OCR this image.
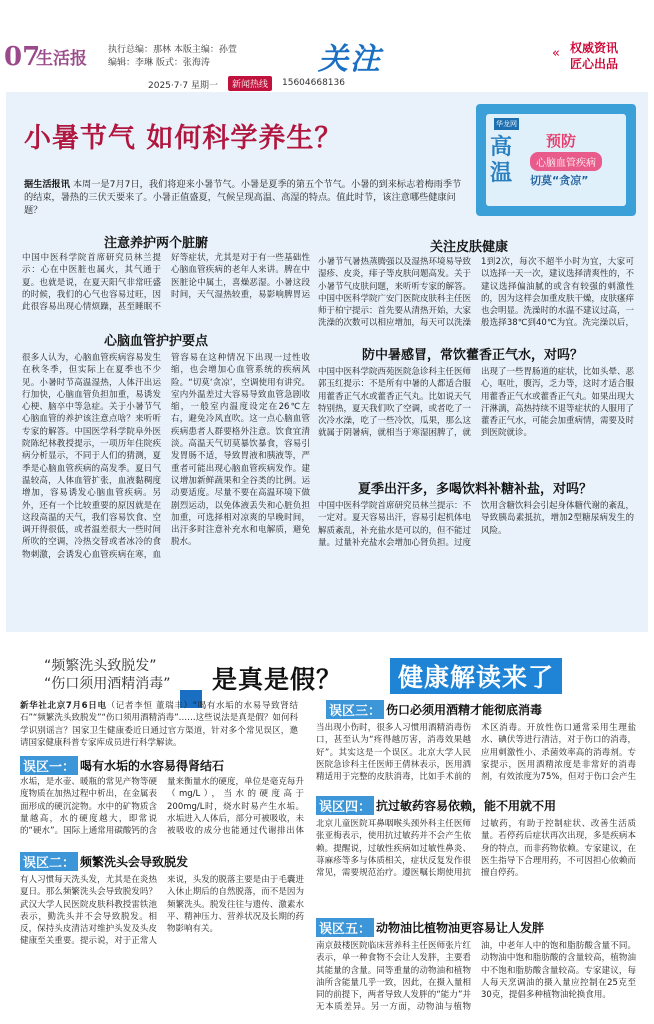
07
生活报 执行总编：那林 本版主编：孙萱
编辑：李琳 版式：张海涛	关注	« 权威资讯
匠心出品
2025·7·7 星期一	新闻热线	15604668136
小暑节气 如何科学养生？	华龙网
高温
预防
心脑血管疾病
切莫“贪凉”
据生活报讯 本周一是7月7日，我们将迎来小暑节气。小暑是夏季的第五个节气。小暑的到来标志着梅雨季节的结束，暑热的三伏天要来了。小暑正值盛夏，气候呈现高温、高湿的特点。值此时节，该注意哪些健康问题？
注意养护两个脏腑
中国中医科学院首席研究员林兰提示：心在中医脏也属火，其气通于夏。也就是说，在夏天阳气非常旺盛的时候，我们的心气也容易过旺，因此很容易出现心情烦躁，甚至睡眠不好等症状，尤其是对于有一些基础性心脑血管疾病的老年人来讲。脾在中医脏论中属土，喜燥恶湿。小暑这段时间，天气湿热较重，易影响脾胃运
心脑血管护护要点
很多人认为，心脑血管疾病容易发生在秋冬季，但实际上在夏季也不少见。小暑时节高温湿热，人体汗出运行加快，心脑血管负担加重，易诱发心梗、脑卒中等急症。关于小暑节气心脑血管的养护该注意点啥？来听听专家的解答。中国医学科学院阜外医院陈纪林教授提示，一项历年住院疾病分析显示，不同于人们的猜测，夏季是心脑血管疾病的高发季。夏日气温较高，人体血管扩张，血液黏稠度增加，容易诱发心脑血管疾病。另外，还有一个比较重要的原因就是在这段高温的天气，我们容易饮食、空调开得很低，或者温差很大一些时间所吹的空调，冷热交替或者冰冷的食物刺激，会诱发心血管疾病在寒，血管容易在这种情况下出现一过性收缩，也会增加心血管系统的疾病风险。“切莫‘贪凉’，空调使用有讲究。室内外温差过大容易导致血管急剧收缩，一般室内温度设定在26℃左右，避免冷风直吹。这一点心脑血管疾病患者人群要格外注意。饮食宜清淡。高温天气切莫暴饮暴食，容易引发胃肠不适，导致胃液和胰液等，严重者可能出现心脑血管疾病发作。建议增加新鲜蔬果和全谷类的比例。运动要适度。尽量不要在高温环境下做剧烈运动，以免体液丢失和心脏负担加重，可选择相对凉爽的早晚时间，出汗多时注意补充水和电解质，避免脱水。
关注皮肤健康
小暑节气暑热蒸腾强以及湿热环境易导致湿疹、皮炎，痱子等皮肤问题高发。关于小暑节气皮肤问题，来听听专家的解答。中国中医科学院广安门医院皮肤科主任医师于柏宁提示：首先要从清热开始，大家洗澡的次数可以相应增加，每天可以洗澡1到2次，每次不超半小时为宜，大家可以选择一天一次，建议选择清爽性的，不建议选择偏油腻的或含有较强的刺激性的，因为这样会加重皮肤干燥，皮肤瘙痒也会明显。洗澡时的水温不建议过高，一般选择38℃到40℃为宜。洗完澡以后，
防中暑感冒，常饮藿香正气水，对吗？
中国中医科学院西苑医院急诊科主任医师郭玉红提示：不是所有中暑的人都适合服用藿香正气水或藿香正气丸。比如说天气特别热，夏天我们吹了空调，或者吃了一次冷水澡，吃了一些冷饮，瓜果，那么这就属于阴暑病，就相当于寒湿困脾了，就出现了一些胃肠道的症状，比如头晕、恶心，呕吐，腹泻，乏力等，这时才适合服用藿香正气水或藿香正气丸。如果出现大汗淋漓，高热持续不退等症状的人服用了藿香正气水，可能会加重病情，需要及时到医院就诊。
夏季出汗多，多喝饮料补糖补盐，对吗？
中国中医科学院首席研究员林兰提示：不一定对。夏天容易出汗，容易引起机体电解质紊乱，补充盐水是可以的，但不能过量。过量补充盐水会增加心肾负担。过度饮用含糖饮料会引起身体糖代谢的紊乱，导致胰岛素抵抗，增加2型糖尿病发生的风险。
“频繁洗头致脱发”
“伤口须用酒精消毒” 是真是假？	健康解读来了
新华社北京7月6日电（记者李恒 董瑞丰）“喝有水垢的水易导致肾结石”“频繁洗头致脱发”“伤口须用酒精消毒”……这些说法是真是假？如何科学识别谣言？国家卫生健康委近日通过官方渠道，针对多个常见误区，邀请国家健康科普专家库成员进行科学解读。
误区一： 喝有水垢的水容易得肾结石
水垢，是水壶、暖瓶的常见产物等硬度物质在加热过程中析出，在金属表面形成的硬沉淀物。水中的矿物质含量越高，水的硬度越大，即常说的“硬水”。国际上通常用碳酸钙的含量来衡量水的硬度，单位是毫克每升（mg/L），当水的硬度高于200mg/L时，烧水时易产生水垢。水垢进入人体后，部分可被吸收，未被吸收的成分也能通过代谢排出体
误区二： 频繁洗头会导致脱发
有人习惯每天洗头发，尤其是在炎热夏日。那么频繁洗头会导致脱发吗？武汉大学人民医院皮肤科教授雷铁池表示，勤洗头并不会导致脱发。相反，保持头皮清洁对维护头发及头皮健康至关重要。提示说，对于正常人来说，头发的脱落主要是由于毛囊进入休止期后的自然脱落，而不是因为频繁洗头。脱发往往与遗传、激素水平、精神压力、营养状况及长期的药物影响有关。
误区三： 伤口必须用酒精才能彻底消毒
当出现小伤时，很多人习惯用酒精消毒伤口，甚至认为“疼得越厉害，消毒效果越好”。其实这是一个误区。北京大学人民医院急诊科主任医师王倩林表示，医用酒精适用于完整的皮肤消毒，比如手术前的术区消毒。开放性伤口通常采用生理盐水、碘伏等进行清洁，对于伤口的消毒，应用刺激性小、杀菌效率高的消毒剂。专家提示，医用酒精浓度是非常好的消毒剂，有效浓度为75%，但对于伤口会产生
误区四： 抗过敏药容易依赖，能不用就不用
北京儿童医院耳鼻咽喉头颈外科主任医师张亚梅表示，使用抗过敏药并不会产生依赖。提醒说，过敏性疾病如过敏性鼻炎、荨麻疹等多与体质相关，症状反复发作很常见，需要规范治疗。遵医嘱长期使用抗过敏药，有助于控制症状、改善生活质量。若停药后症状再次出现，多是疾病本身的特点，而非药物依赖。专家建议，在医生指导下合理用药，不可因担心依赖而擅自停药。
误区五： 动物油比植物油更容易让人发胖
南京鼓楼医院临床营养科主任医师张片红表示，单一种食物不会让人发胖，主要看其能量的含量。同等重量的动物油和植物油所含能量几乎一致，因此，在摄入量相同的前提下，两者导致人发胖的“能力”并无本质差异。另一方面，动物油与植物油，中老年人中的饱和脂肪酸含量不同。动物油中饱和脂肪酸的含量较高，植物油中不饱和脂肪酸含量较高。专家建议，每人每天烹调油的摄入量应控制在25克至30克，提倡多种植物油轮换食用。
